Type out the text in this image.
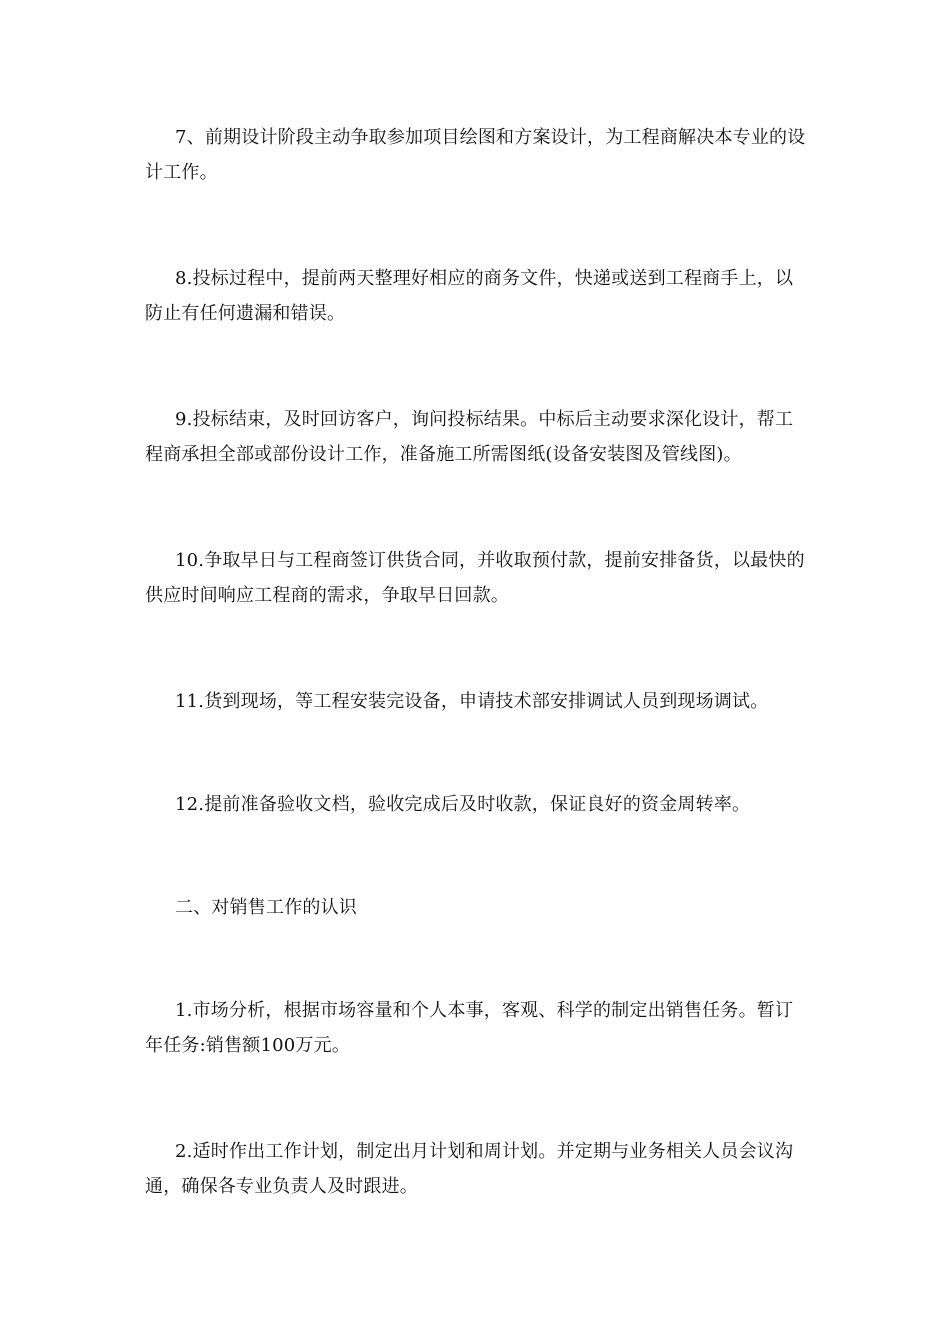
7、前期设计阶段主动争取参加项目绘图和方案设计，为工程商解决本专业的设计工作。

8.投标过程中，提前两天整理好相应的商务文件，快递或送到工程商手上，以防止有任何遗漏和错误。

9.投标结束，及时回访客户，询问投标结果。中标后主动要求深化设计，帮工程商承担全部或部份设计工作，准备施工所需图纸(设备安装图及管线图)。

10.争取早日与工程商签订供货合同，并收取预付款，提前安排备货，以最快的供应时间响应工程商的需求，争取早日回款。

11.货到现场，等工程安装完设备，申请技术部安排调试人员到现场调试。

12.提前准备验收文档，验收完成后及时收款，保证良好的资金周转率。

二、对销售工作的认识

1.市场分析，根据市场容量和个人本事，客观、科学的制定出销售任务。暂订年任务:销售额100万元。

2.适时作出工作计划，制定出月计划和周计划。并定期与业务相关人员会议沟通，确保各专业负责人及时跟进。
